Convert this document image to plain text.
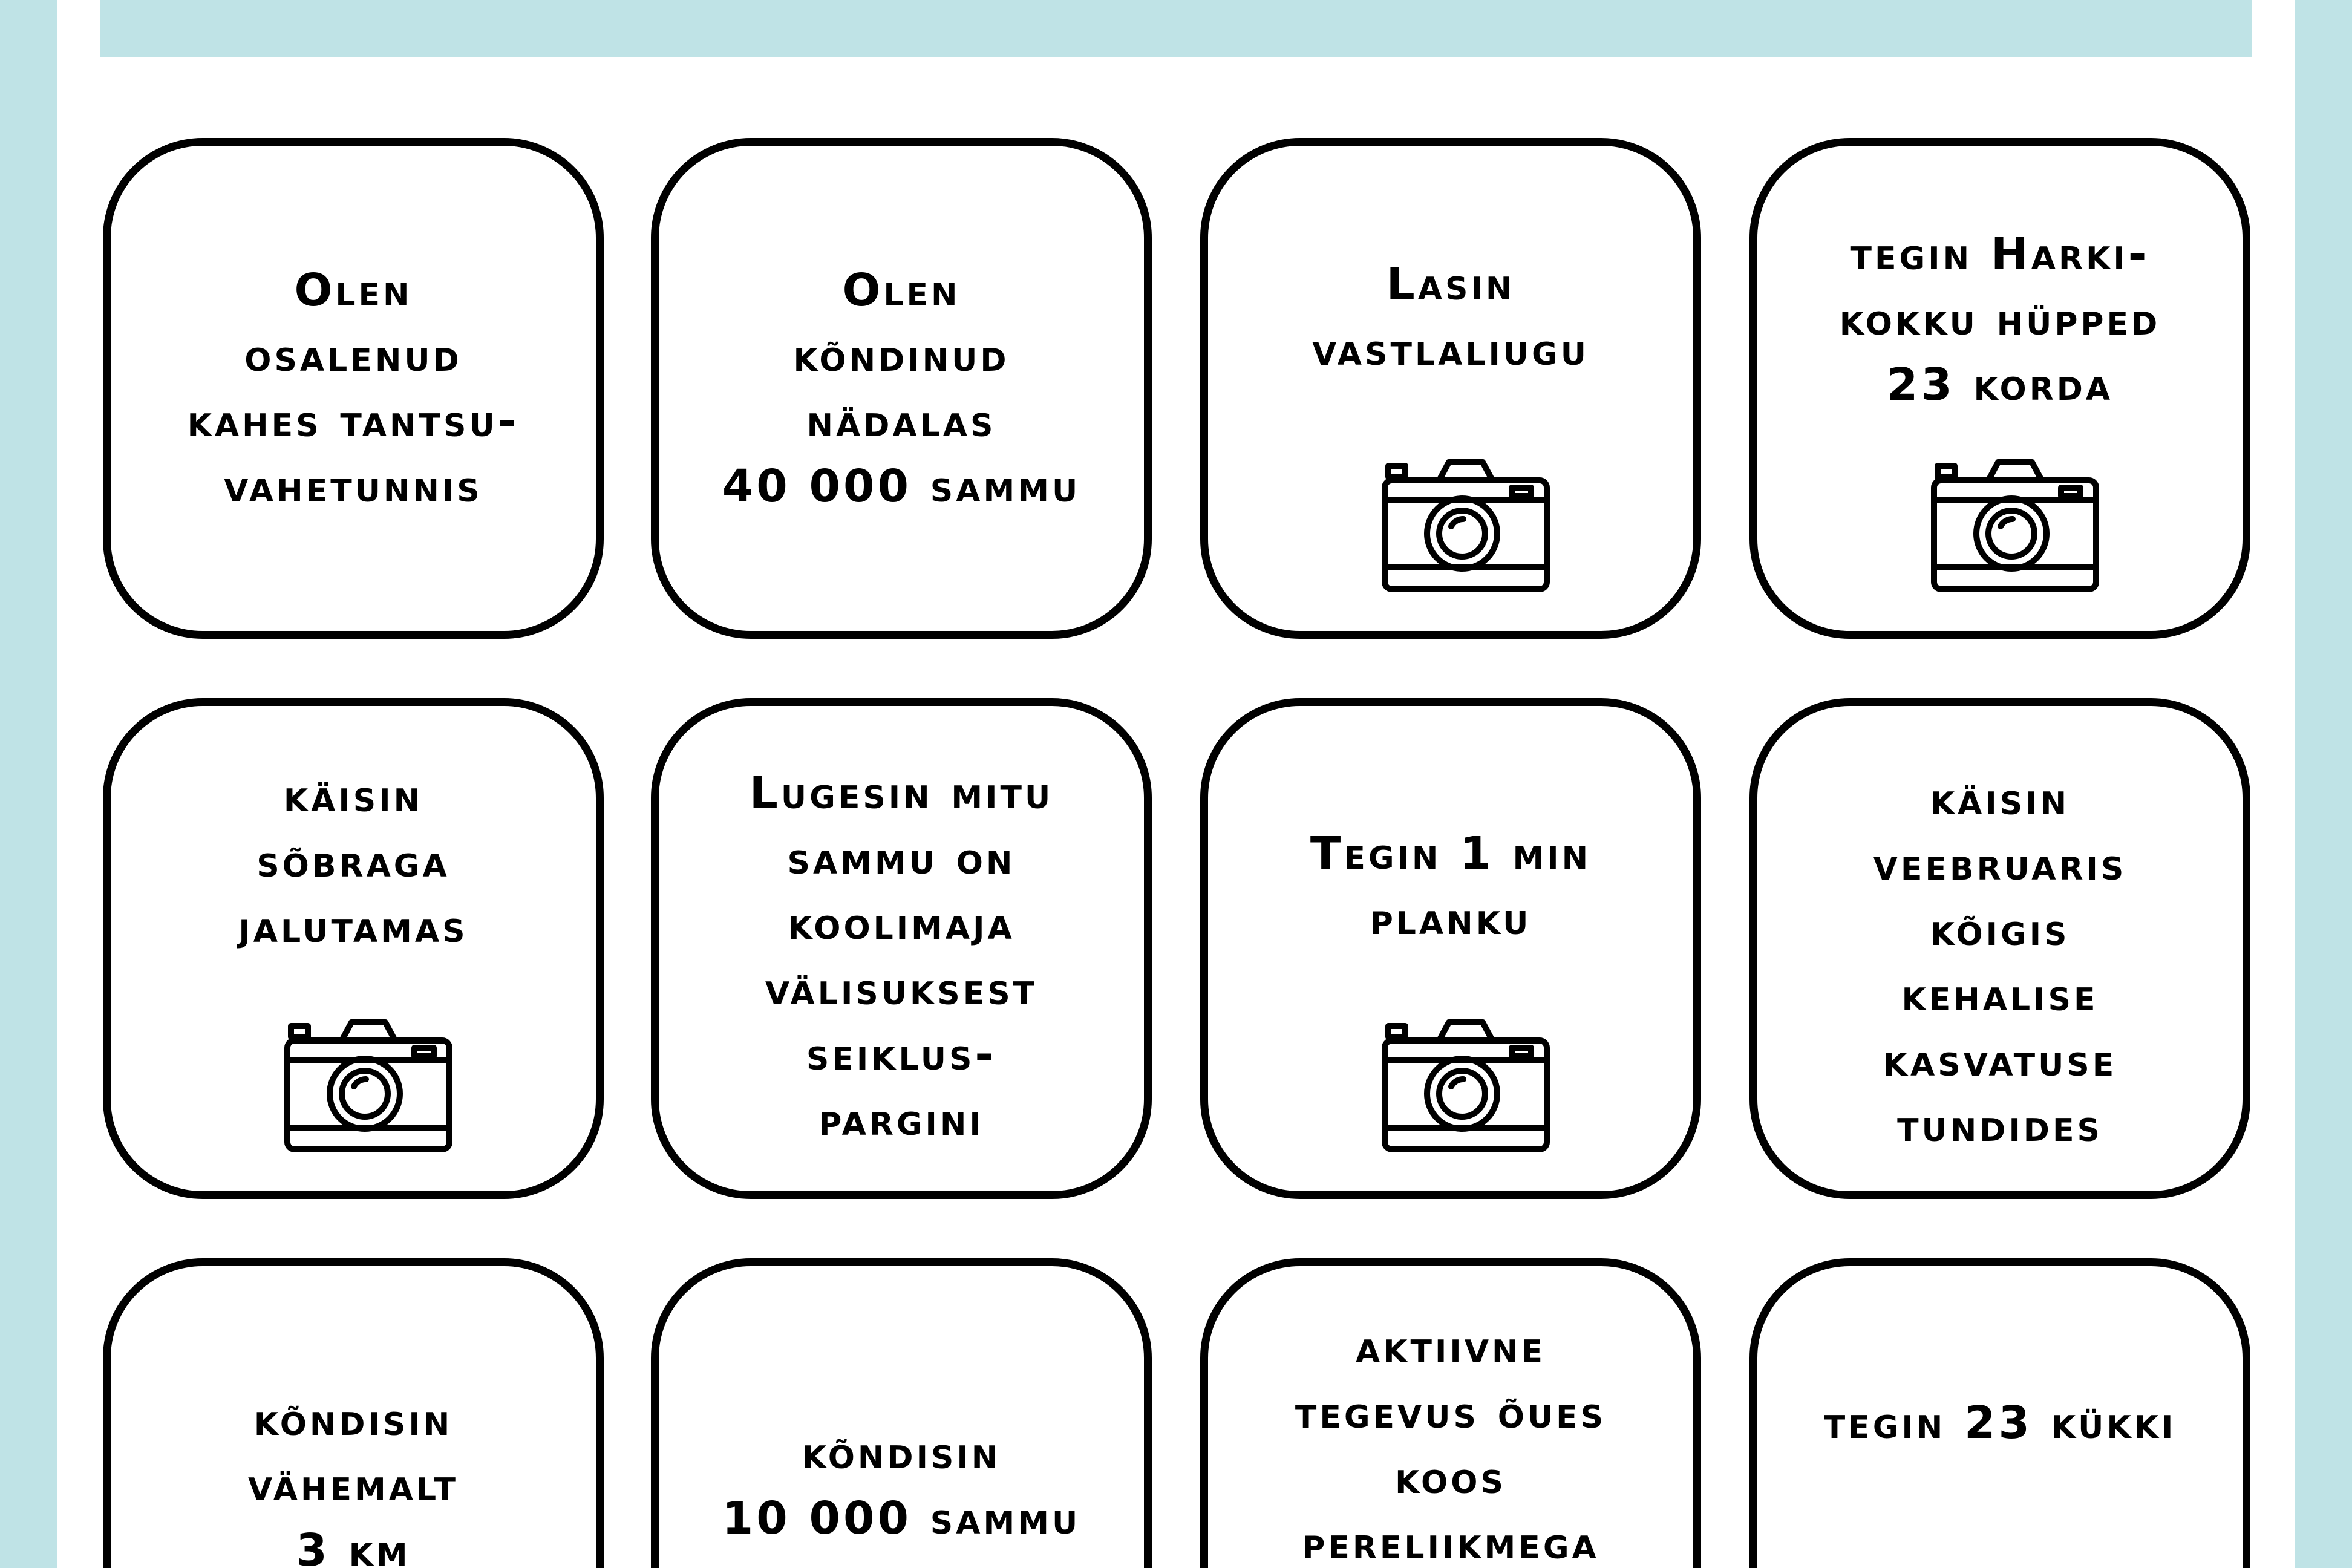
Olen
osalenud
kahes tantsu-
vahetunnis

Olen
kõndinud
nädalas
40 000 sammu

Lasin
vastlaliugu

tegin Harki-
kokku hüpped
23 korda

käisin
sõbraga
jalutamas

Lugesin mitu
sammu on
koolimaja
välisuksest
seiklus-
pargini

Tegin 1 min
planku

käisin
veebruaris
kõigis
kehalise
kasvatuse
tundides

kõndisin
vähemalt
3 km

kõndisin
10 000 sammu

aktiivne
tegevus õues
koos
pereliikmega

tegin 23 kükki
